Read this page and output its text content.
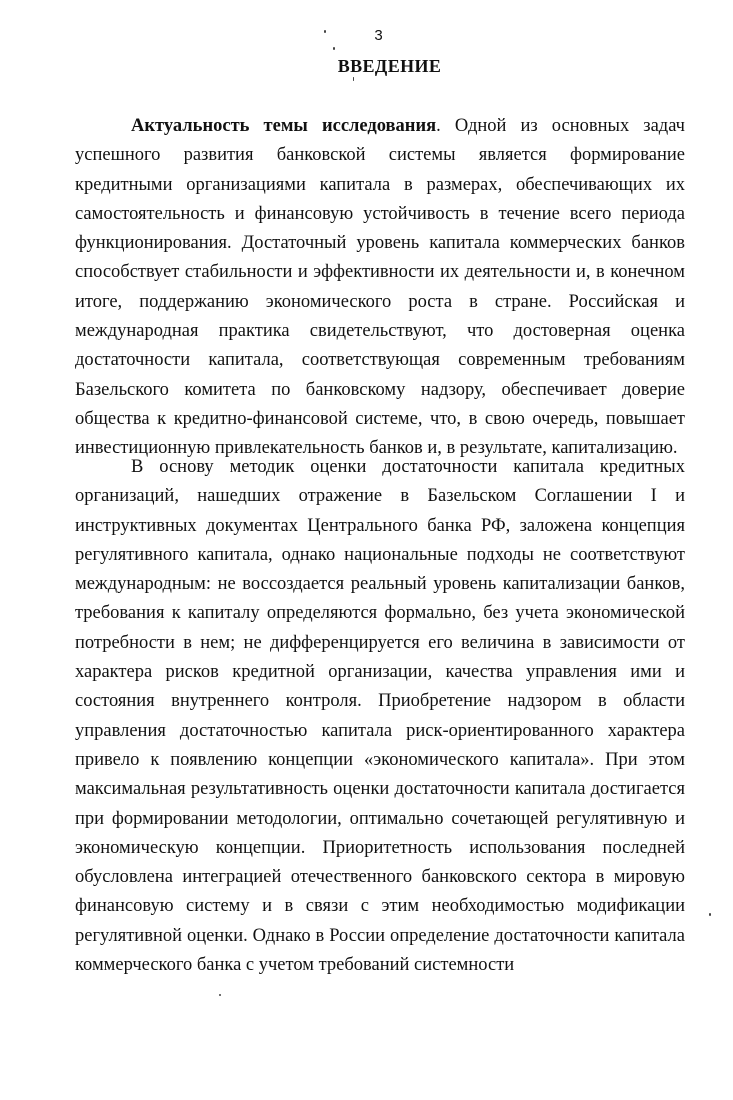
3
ВВЕДЕНИЕ

Актуальность темы исследования. Одной из основных задач успешного развития банковской системы является формирование кредитными организациями капитала в размерах, обеспечивающих их самостоятельность и финансовую устойчивость в течение всего периода функционирования. Достаточный уровень капитала коммерческих банков способствует стабильности и эффективности их деятельности и, в конечном итоге, поддержанию экономического роста в стране. Российская и международная практика свидетельствуют, что достоверная оценка достаточности капитала, соответствующая современным требованиям Базельского комитета по банковскому надзору, обеспечивает доверие общества к кредитно-финансовой системе, что, в свою очередь, повышает инвестиционную привлекательность банков и, в результате, капитализацию.

В основу методик оценки достаточности капитала кредитных организаций, нашедших отражение в Базельском Соглашении I и инструктивных документах Центрального банка РФ, заложена концепция регулятивного капитала, однако национальные подходы не соответствуют международным: не воссоздается реальный уровень капитализации банков, требования к капиталу определяются формально, без учета экономической потребности в нем; не дифференцируется его величина в зависимости от характера рисков кредитной организации, качества управления ими и состояния внутреннего контроля. Приобретение надзором в области управления достаточностью капитала риск-ориентированного характера привело к появлению концепции «экономического капитала». При этом максимальная результативность оценки достаточности капитала достигается при формировании методологии, оптимально сочетающей регулятивную и экономическую концепции. Приоритетность использования последней обусловлена интеграцией отечественного банковского сектора в мировую финансовую систему и в связи с этим необходимостью модификации регулятивной оценки. Однако в России определение достаточности капитала коммерческого банка с учетом требований системности
